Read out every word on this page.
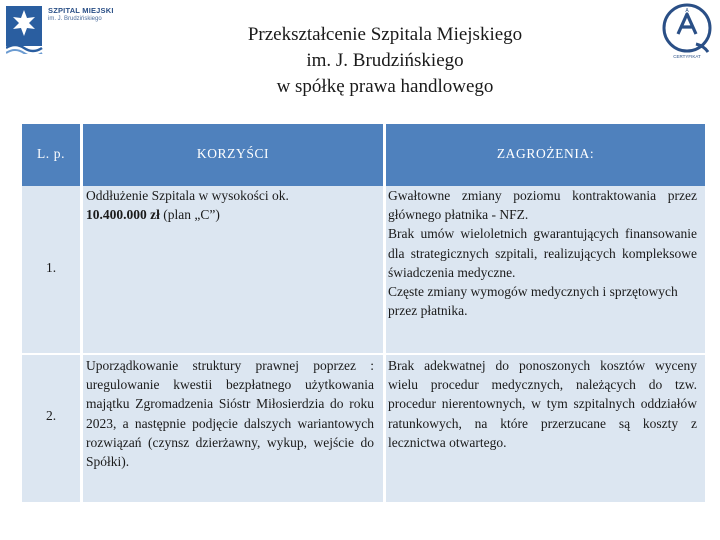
SZPITAL MIEJSKI
im. J. Brudzińskiego
A
CERTYFIKAT
Przekształcenie Szpitala Miejskiego
im. J. Brudzińskiego
w spółkę prawa handlowego
L. p.	KORZYŚCI	ZAGROŻENIA:
1.

Oddłużenie Szpitala w wysokości ok.
10.400.000 zł (plan „C”)

Gwałtowne zmiany poziomu kontraktowania przez głównego płatnika - NFZ.

Brak umów wieloletnich gwarantujących finansowanie dla strategicznych szpitali, realizujących kompleksowe świadczenia medyczne.

Częste zmiany wymogów medycznych i sprzętowych przez płatnika.

2.

Uporządkowanie struktury prawnej poprzez : uregulowanie kwestii bezpłatnego użytkowania majątku Zgromadzenia Sióstr Miłosierdzia do roku 2023, a następnie podjęcie dalszych wariantowych rozwiązań (czynsz dzierżawny, wykup, wejście do Spółki).

Brak adekwatnej do ponoszonych kosztów wyceny wielu procedur medycznych, należących do tzw. procedur nierentownych, w tym szpitalnych oddziałów ratunkowych, na które przerzucane są koszty z lecznictwa otwartego.
